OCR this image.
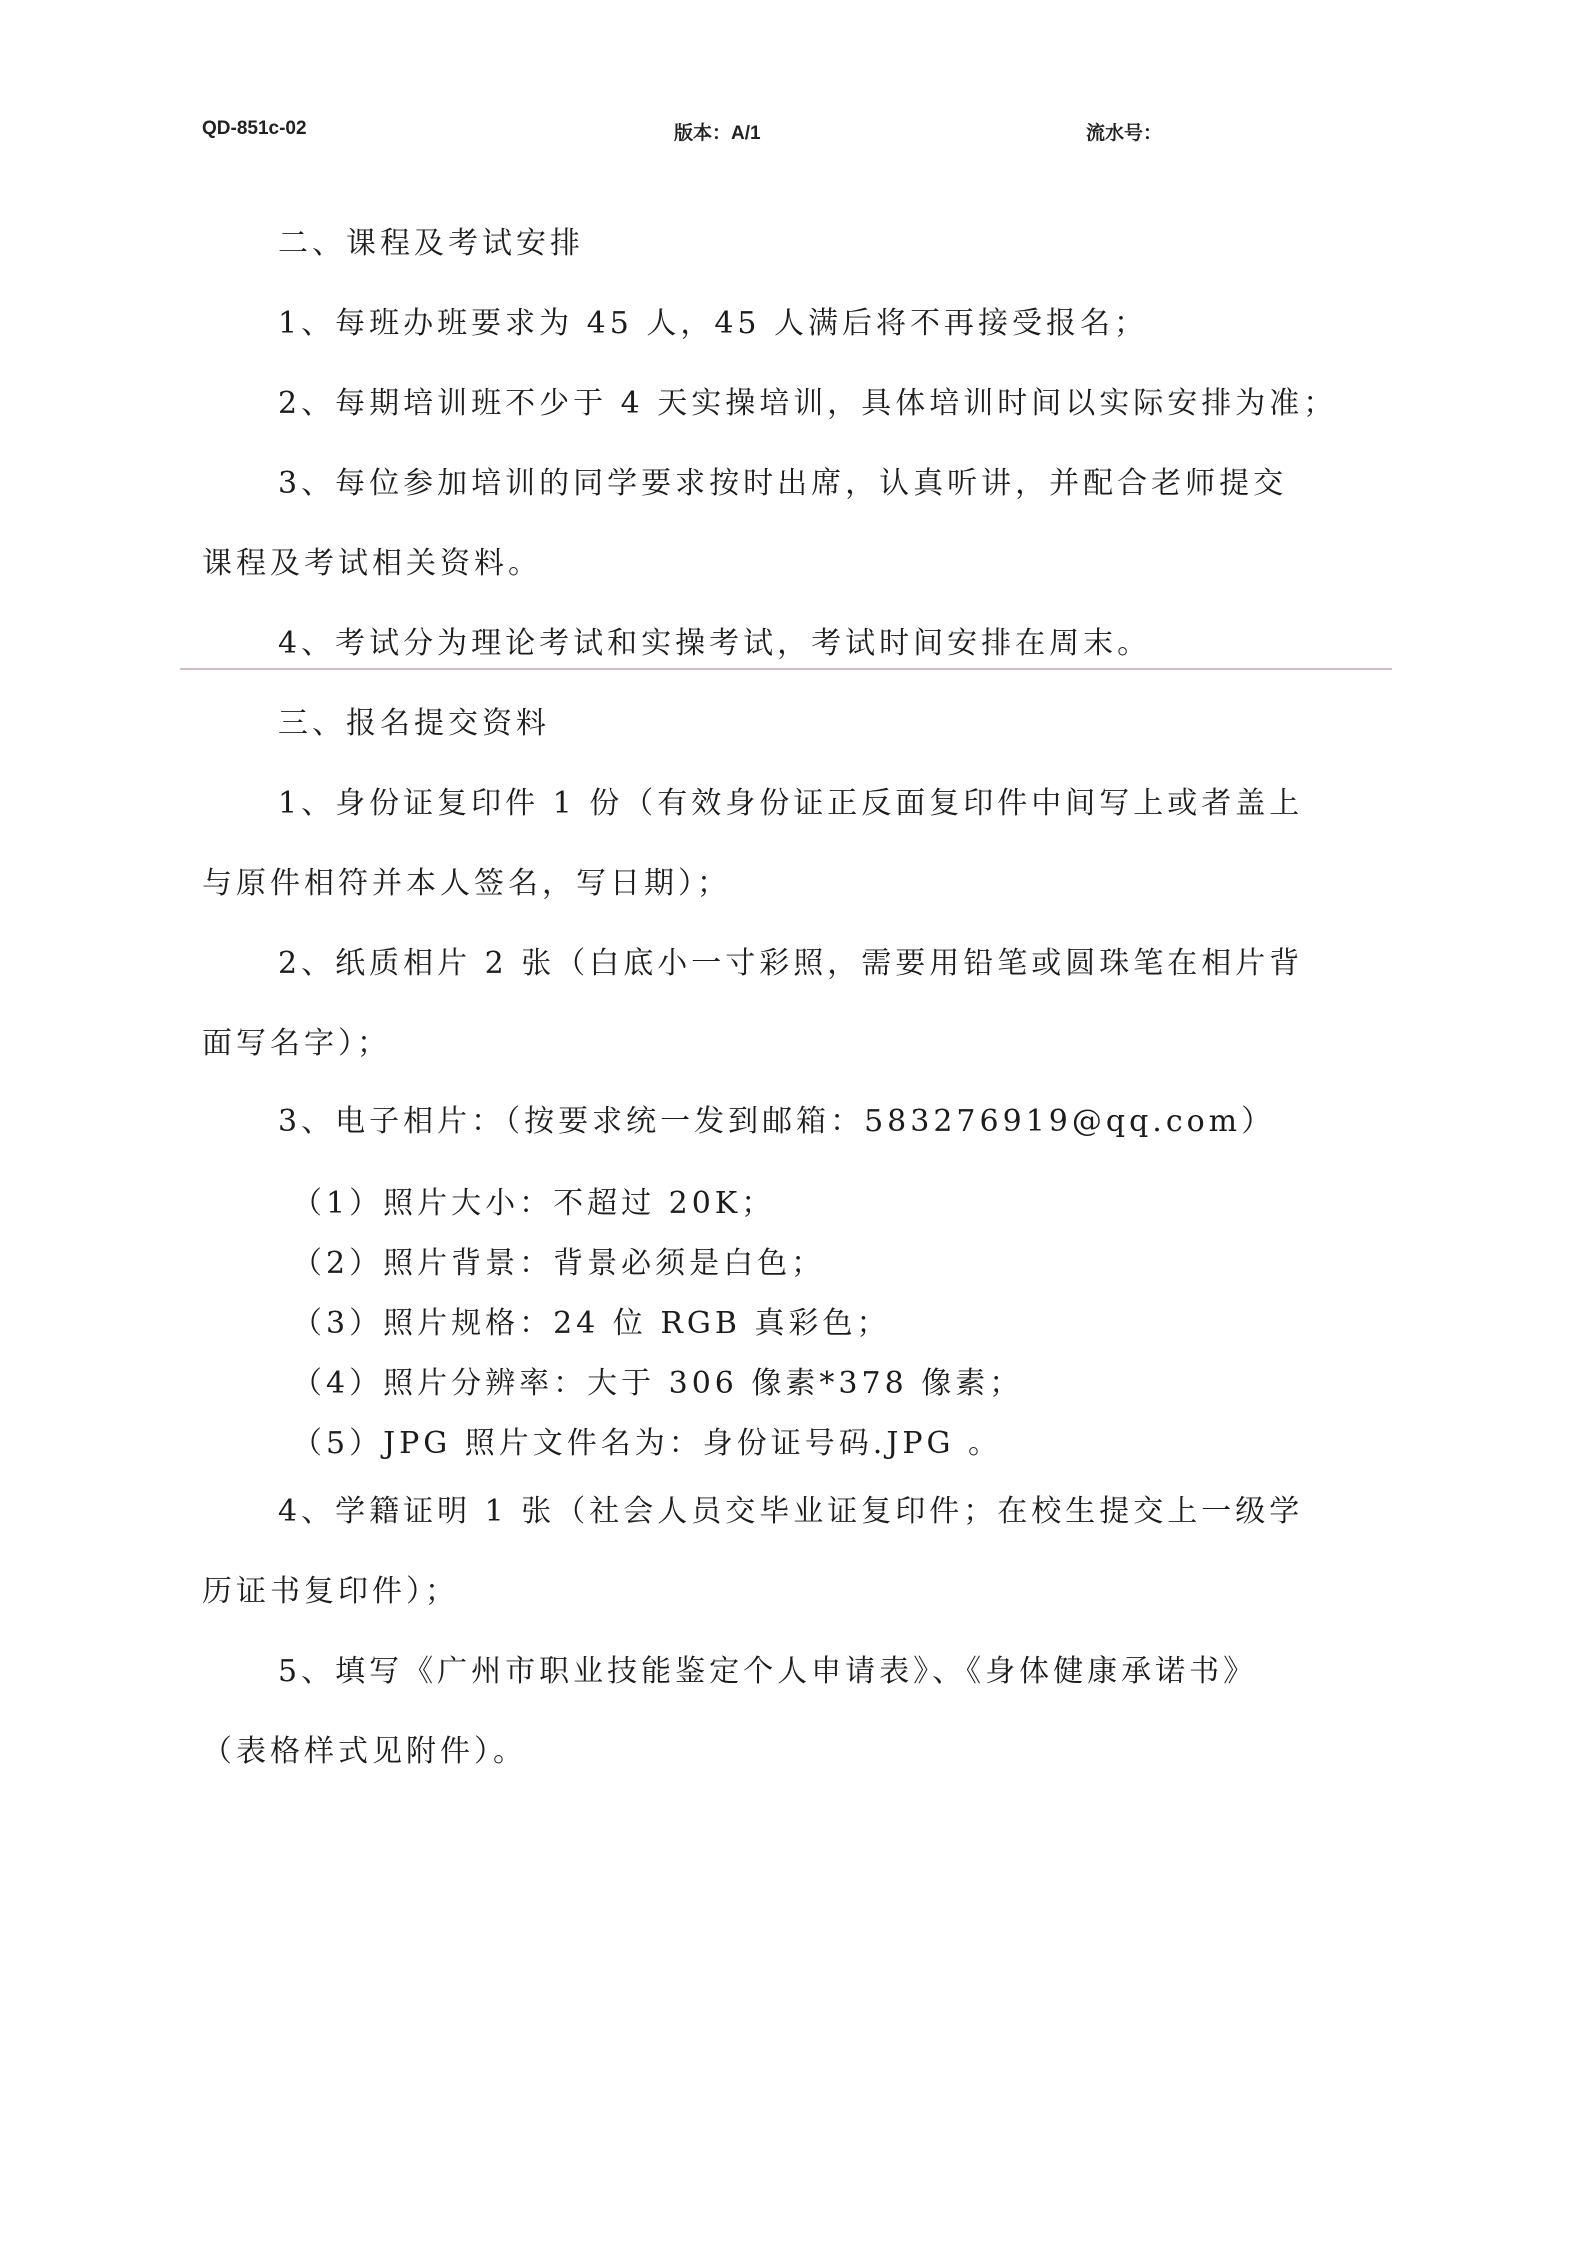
QD-851c-02	版本：A/1	流水号：
二、课程及考试安排
1、每班办班要求为 45 人，45 人满后将不再接受报名；
2、每期培训班不少于 4 天实操培训，具体培训时间以实际安排为准；
3、每位参加培训的同学要求按时出席，认真听讲，并配合老师提交
课程及考试相关资料。
4、考试分为理论考试和实操考试，考试时间安排在周末。
三、报名提交资料
1、身份证复印件 1 份（有效身份证正反面复印件中间写上或者盖上
与原件相符并本人签名，写日期）；
2、纸质相片 2 张（白底小一寸彩照，需要用铅笔或圆珠笔在相片背
面写名字）；
3、电子相片：（按要求统一发到邮箱：583276919@qq.com）
（1）照片大小：不超过 20K；
（2）照片背景：背景必须是白色；
（3）照片规格：24 位 RGB 真彩色；
（4）照片分辨率：大于 306 像素*378 像素；
（5）JPG 照片文件名为：身份证号码.JPG 。
4、学籍证明 1 张（社会人员交毕业证复印件；在校生提交上一级学
历证书复印件）；
5、填写《广州市职业技能鉴定个人申请表》、《身体健康承诺书》
（表格样式见附件）。
